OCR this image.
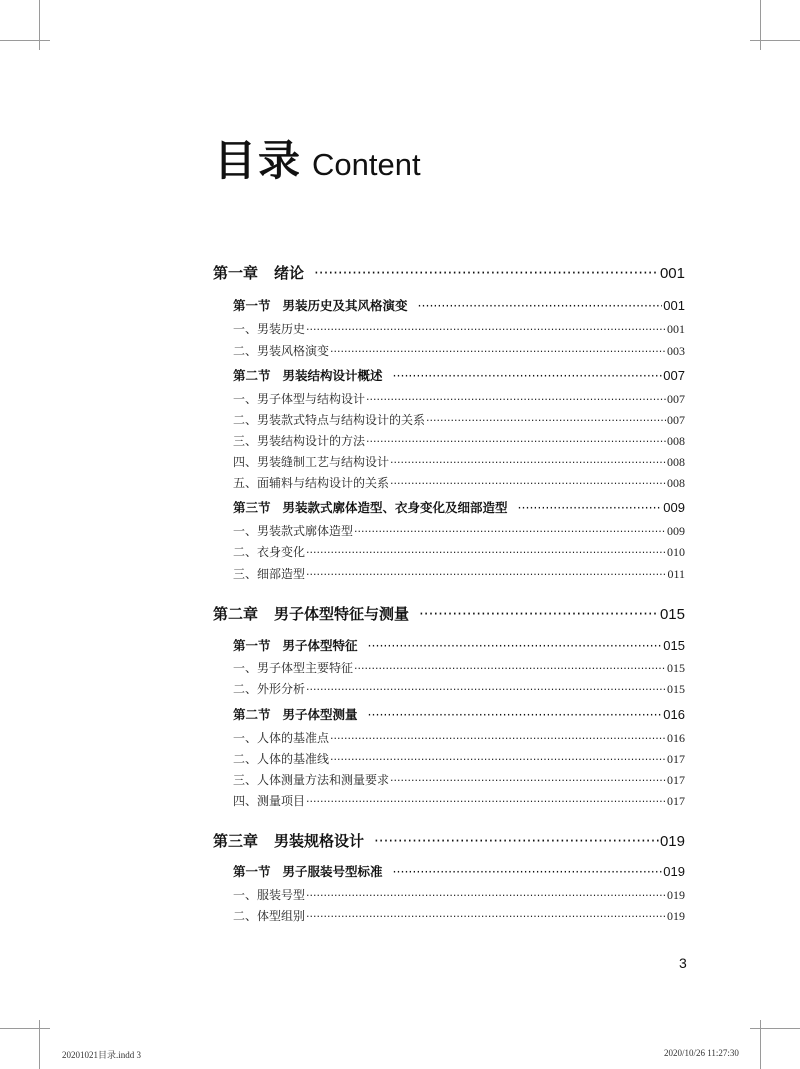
目录 Content
3
20201021目录.indd 3	2020/10/26 11:27:30
第一章 绪论 ·····	001
第一节 男装历史及其风格演变 ·····	001
一、男装历史 ·····	001
二、男装风格演变 ·····	003
第二节 男装结构设计概述 ·····	007
一、男子体型与结构设计 ·····	007
二、男装款式特点与结构设计的关系 ·····	007
三、男装结构设计的方法 ·····	008
四、男装缝制工艺与结构设计 ·····	008
五、面辅料与结构设计的关系 ·····	008
第三节 男装款式廓体造型、衣身变化及细部造型 ·····	009
一、男装款式廓体造型 ·····	009
二、衣身变化 ·····	010
三、细部造型 ·····	011
第二章 男子体型特征与测量 ·····	015
第一节 男子体型特征 ·····	015
一、男子体型主要特征 ·····	015
二、外形分析 ·····	015
第二节 男子体型测量 ·····	016
一、人体的基准点 ·····	016
二、人体的基准线 ·····	017
三、人体测量方法和测量要求 ·····	017
四、测量项目 ·····	017
第三章 男装规格设计 ·····	019
第一节 男子服装号型标准 ·····	019
一、服装号型 ·····	019
二、体型组别 ·····	019
